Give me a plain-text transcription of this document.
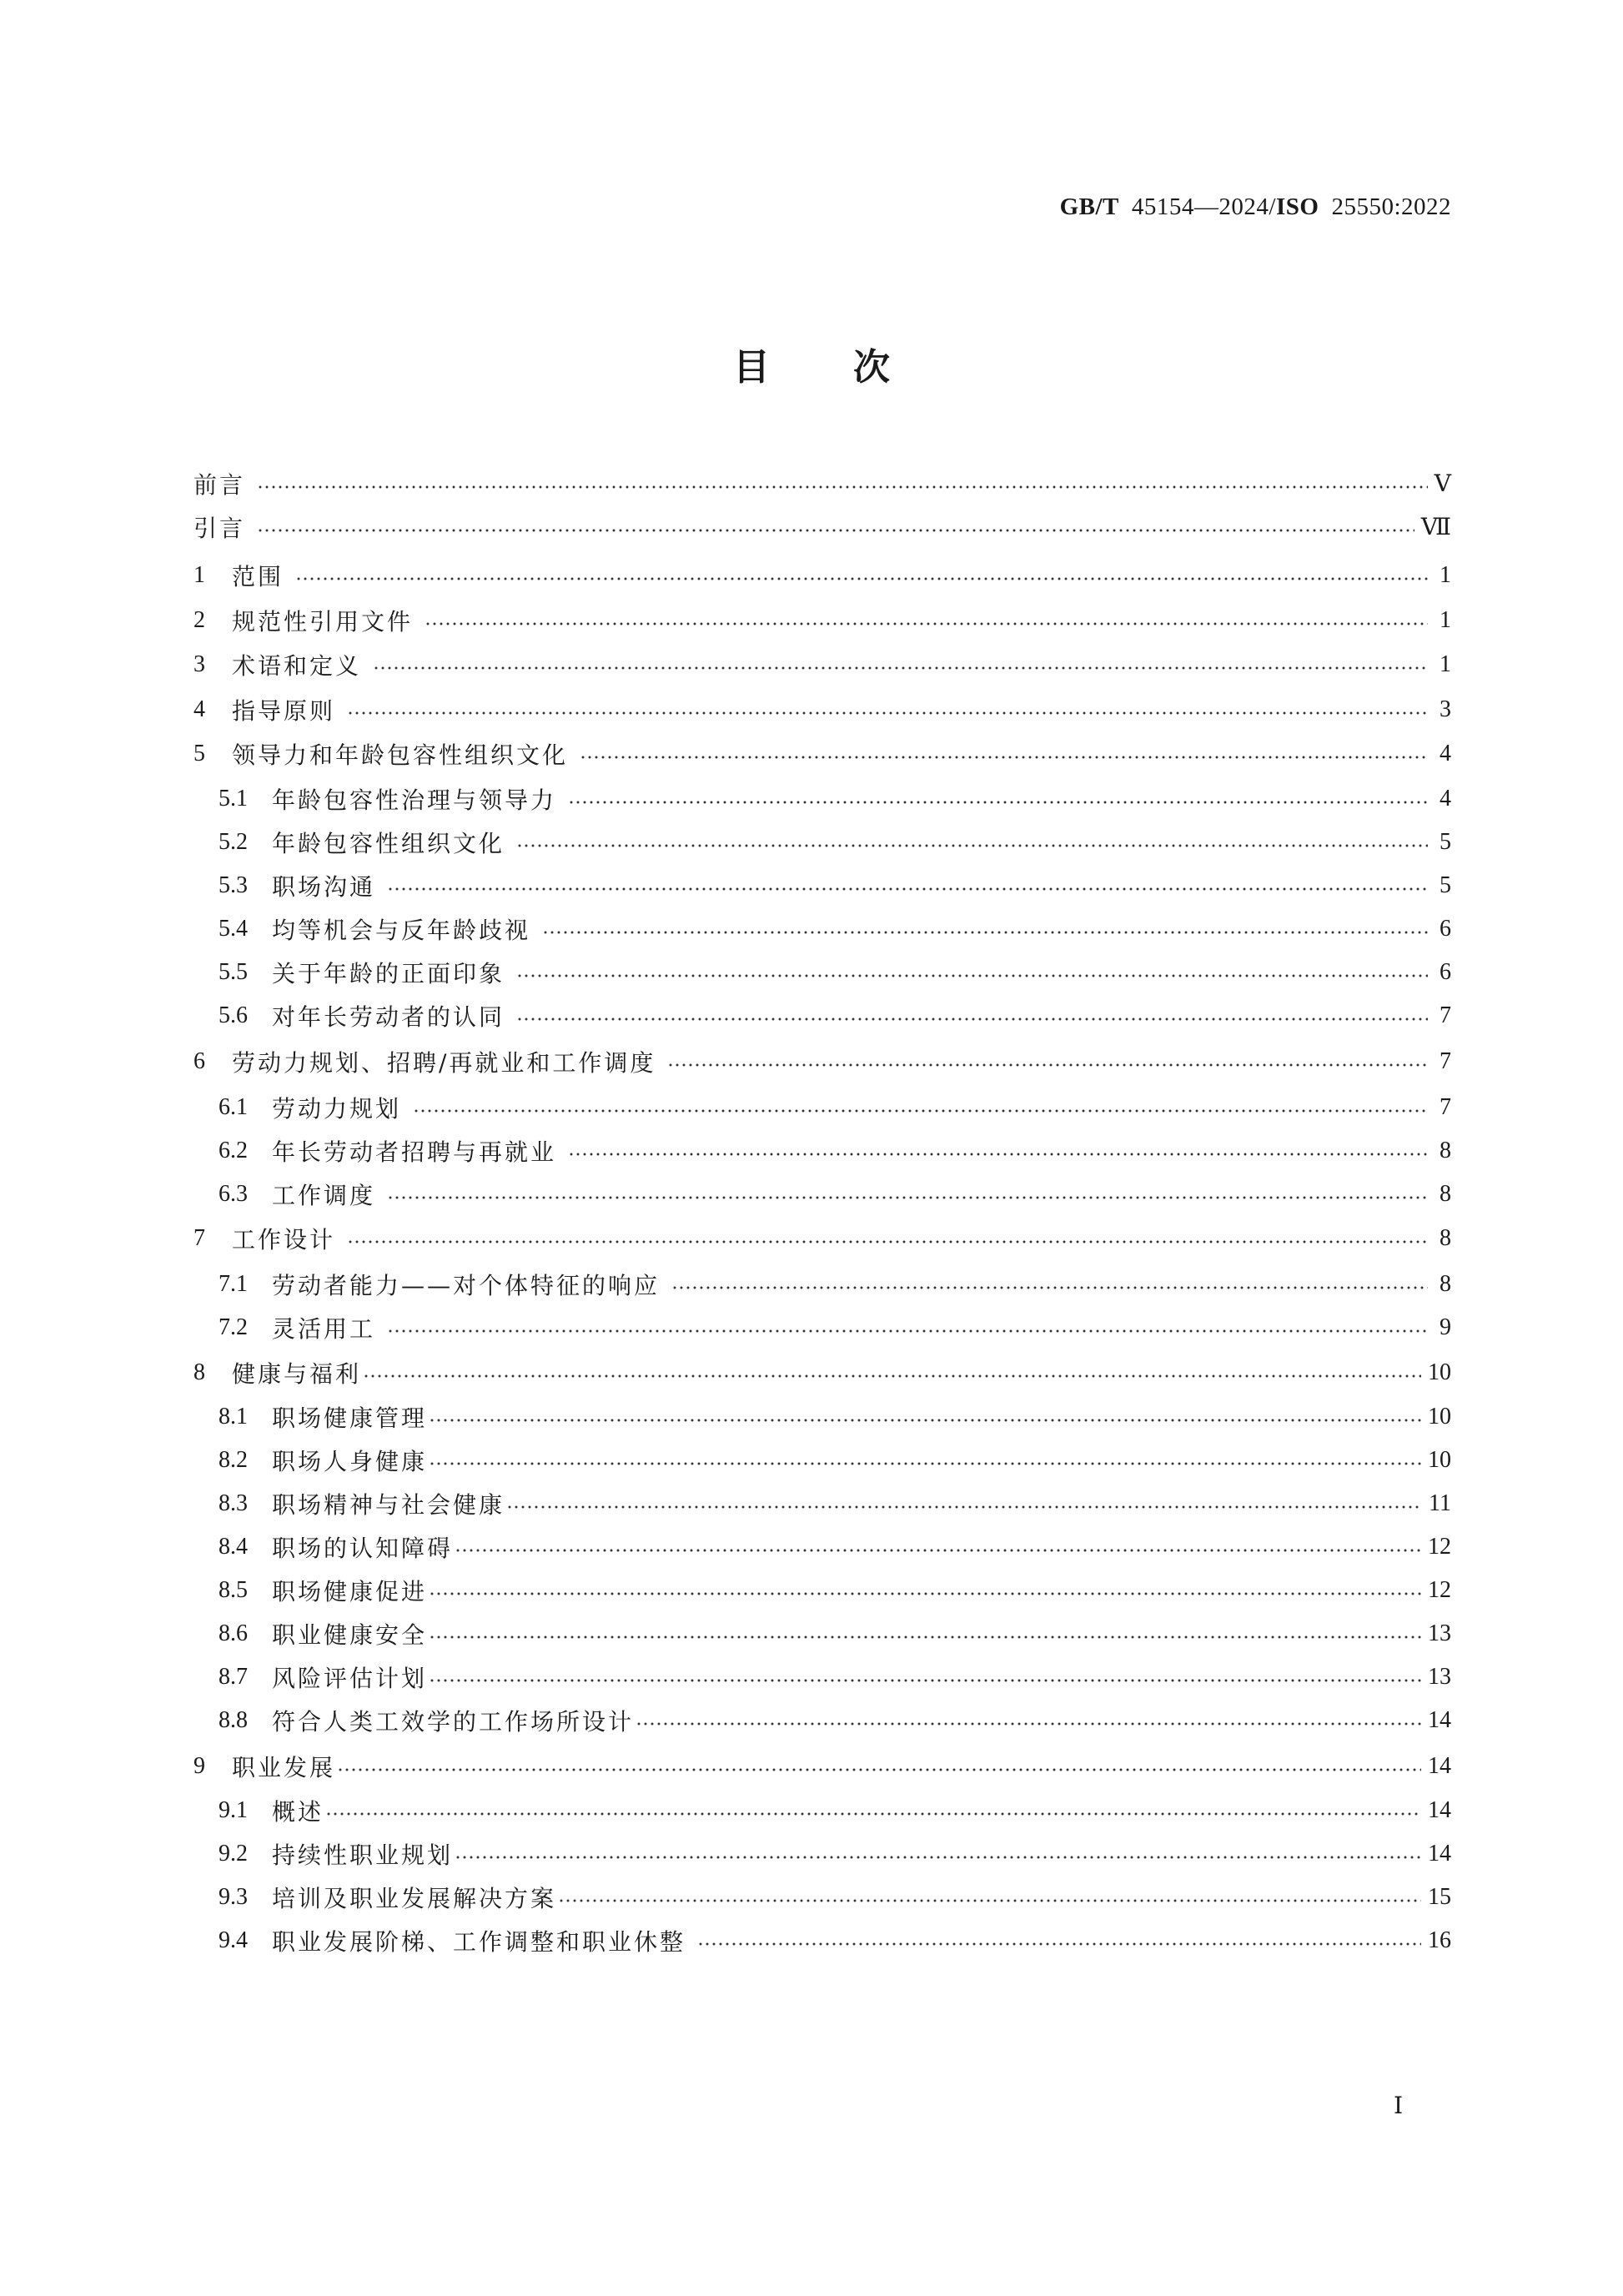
GB/T  45154—2024/ISO  25550:2022
目次
前言	Ⅴ
引言	Ⅶ
1	范围	1
2	规范性引用文件	1
3	术语和定义	1
4	指导原则	3
5	领导力和年龄包容性组织文化	4
5.1	年龄包容性治理与领导力	4
5.2	年龄包容性组织文化	5
5.3	职场沟通	5
5.4	均等机会与反年龄歧视	6
5.5	关于年龄的正面印象	6
5.6	对年长劳动者的认同	7
6	劳动力规划、招聘/再就业和工作调度	7
6.1	劳动力规划	7
6.2	年长劳动者招聘与再就业	8
6.3	工作调度	8
7	工作设计	8
7.1	劳动者能力——对个体特征的响应	8
7.2	灵活用工	9
8	健康与福利	10
8.1	职场健康管理	10
8.2	职场人身健康	10
8.3	职场精神与社会健康	11
8.4	职场的认知障碍	12
8.5	职场健康促进	12
8.6	职业健康安全	13
8.7	风险评估计划	13
8.8	符合人类工效学的工作场所设计	14
9	职业发展	14
9.1	概述	14
9.2	持续性职业规划	14
9.3	培训及职业发展解决方案	15
9.4	职业发展阶梯、工作调整和职业休整	16
Ⅰ
